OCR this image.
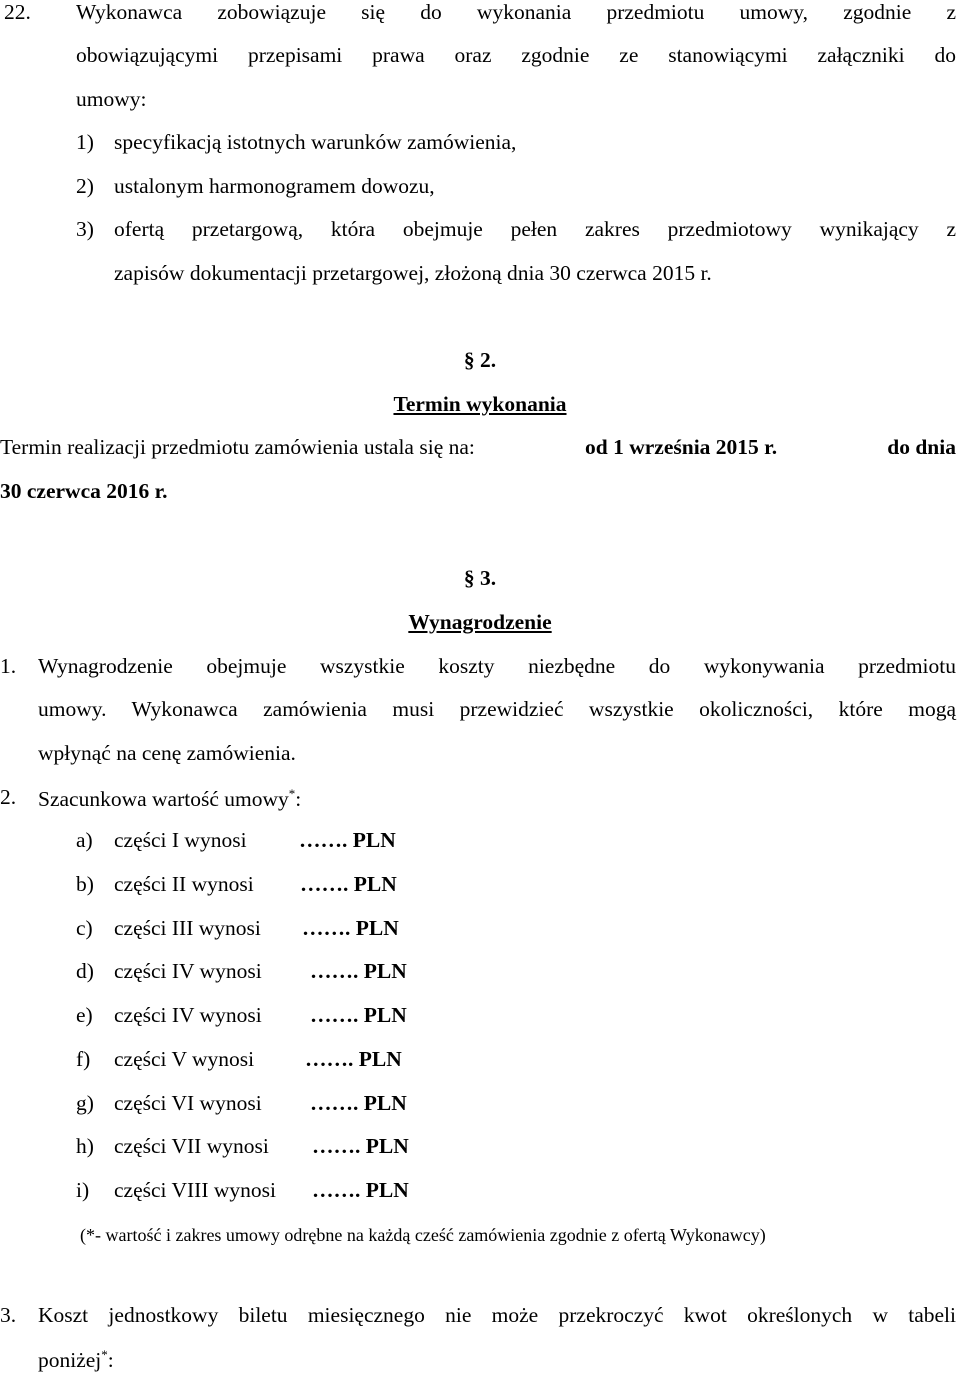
22. Wykonawca zobowiązuje się do wykonania przedmiotu umowy, zgodnie z
obowiązującymi przepisami prawa oraz zgodnie ze stanowiącymi załączniki do
umowy:
1) specyfikacją istotnych warunków zamówienia,
2) ustalonym harmonogramem dowozu,
3) ofertą przetargową, która obejmuje pełen zakres przedmiotowy wynikający z
zapisów dokumentacji przetargowej, złożoną dnia 30 czerwca 2015 r.
§ 2.
Termin wykonania
Termin realizacji przedmiotu zamówienia ustala się na:	od 1 września 2015 r.	do dnia
30 czerwca 2016 r.
§ 3.
Wynagrodzenie
1. Wynagrodzenie obejmuje wszystkie koszty niezbędne do wykonywania przedmiotu
umowy. Wykonawca zamówienia musi przewidzieć wszystkie okoliczności, które mogą
wpłynąć na cenę zamówienia.
2. Szacunkowa wartość umowy*:
a) części I wynosi ……. PLN
b) części II wynosi ……. PLN
c) części III wynosi ……. PLN
d) części IV wynosi ……. PLN
e) części IV wynosi ……. PLN
f) części V wynosi ……. PLN
g) części VI wynosi ……. PLN
h) części VII wynosi ……. PLN
i) części VIII wynosi ……. PLN
(*- wartość i zakres umowy odrębne na każdą cześć zamówienia zgodnie z ofertą Wykonawcy)
3. Koszt jednostkowy biletu miesięcznego nie może przekroczyć kwot określonych w tabeli
poniżej*:
